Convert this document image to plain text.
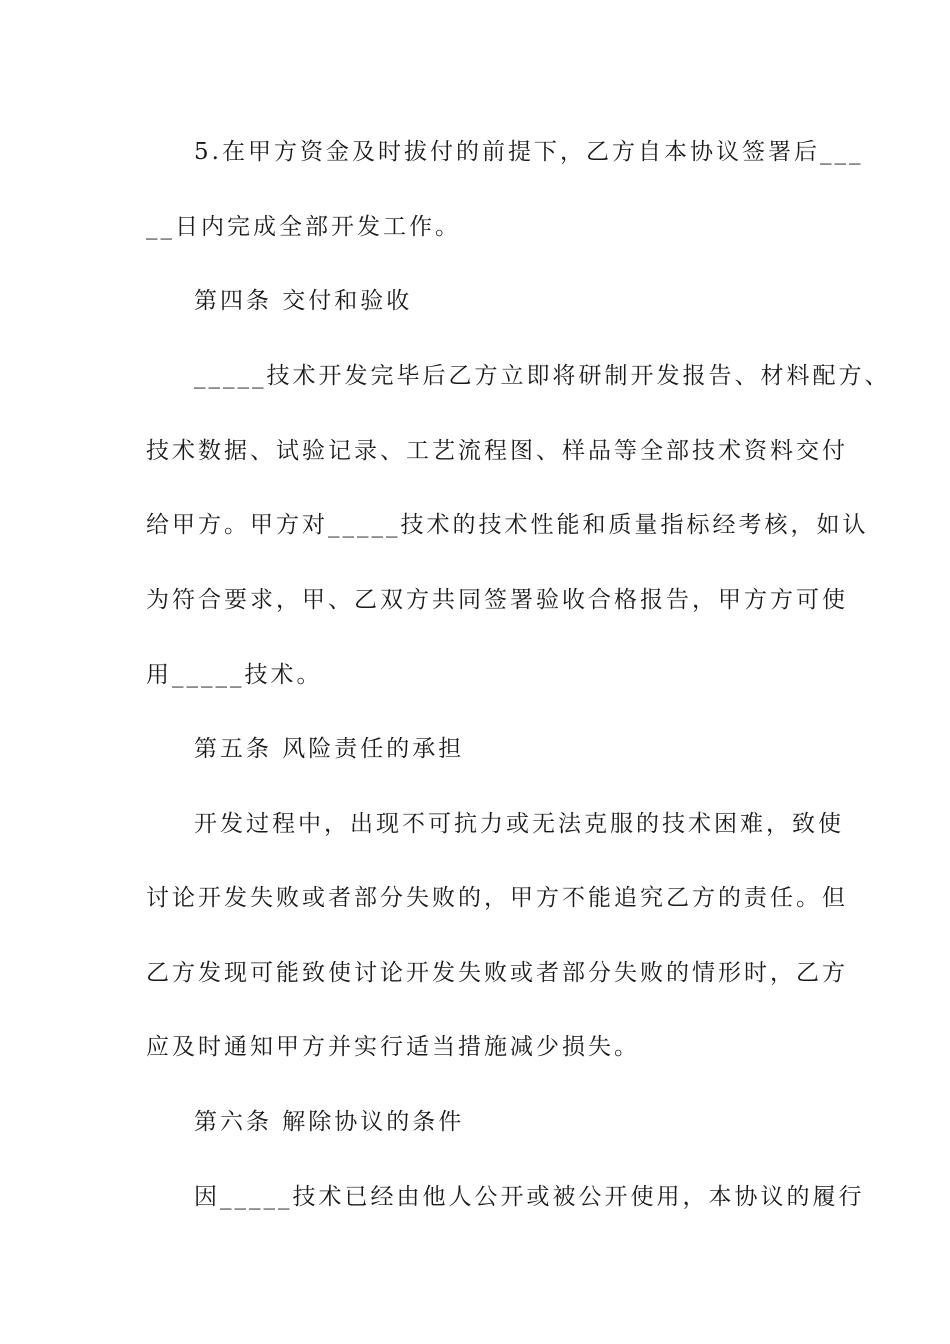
5.在甲方资金及时拔付的前提下，乙方自本协议签署后___
__日内完成全部开发工作。
第四条 交付和验收
_____技术开发完毕后乙方立即将研制开发报告、材料配方、
技术数据、试验记录、工艺流程图、样品等全部技术资料交付
给甲方。甲方对_____技术的技术性能和质量指标经考核，如认
为符合要求，甲、乙双方共同签署验收合格报告，甲方方可使
用_____技术。
第五条 风险责任的承担
开发过程中，出现不可抗力或无法克服的技术困难，致使
讨论开发失败或者部分失败的，甲方不能追究乙方的责任。但
乙方发现可能致使讨论开发失败或者部分失败的情形时，乙方
应及时通知甲方并实行适当措施减少损失。
第六条 解除协议的条件
因_____技术已经由他人公开或被公开使用，本协议的履行
